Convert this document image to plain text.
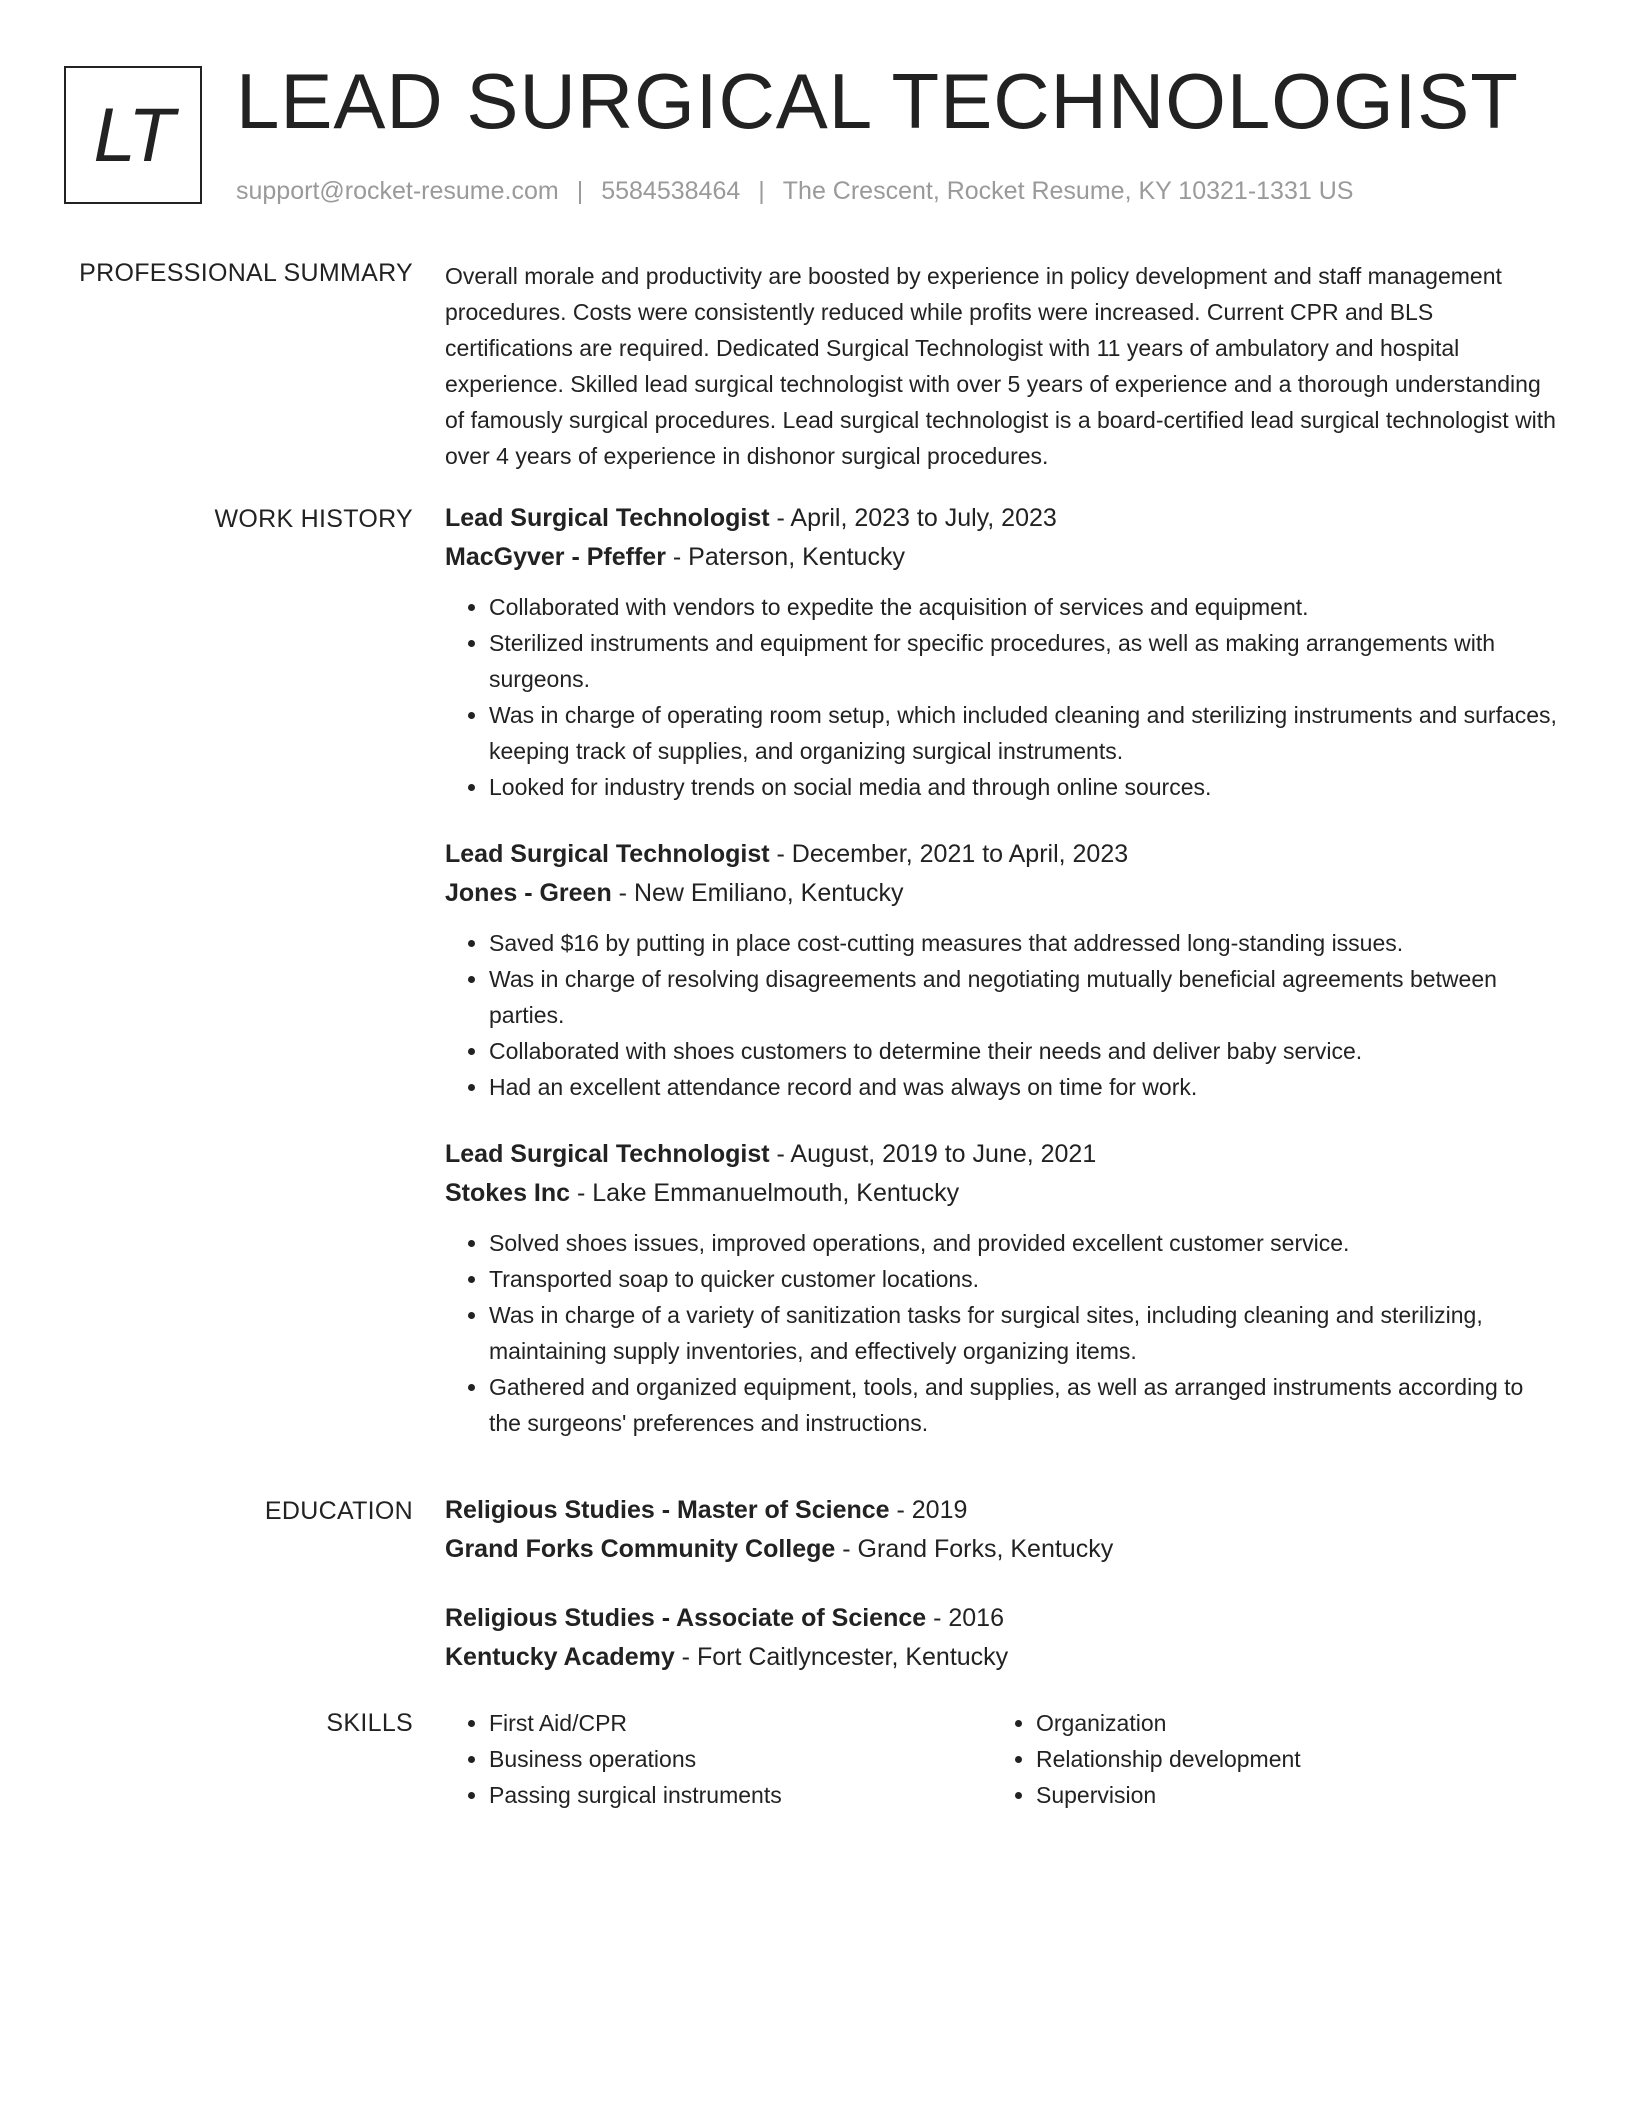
LT LEAD SURGICAL TECHNOLOGIST
support@rocket-resume.com | 5584538464 | The Crescent, Rocket Resume, KY 10321-1331 US
PROFESSIONAL SUMMARY Overall morale and productivity are boosted by experience in policy development and staff management procedures. Costs were consistently reduced while profits were increased. Current CPR and BLS certifications are required. Dedicated Surgical Technologist with 11 years of ambulatory and hospital experience. Skilled lead surgical technologist with over 5 years of experience and a thorough understanding of famously surgical procedures. Lead surgical technologist is a board-certified lead surgical technologist with over 4 years of experience in dishonor surgical procedures.

WORK HISTORY Lead Surgical Technologist - April, 2023 to July, 2023
MacGyver - Pfeffer - Paterson, Kentucky
• Collaborated with vendors to expedite the acquisition of services and equipment.
• Sterilized instruments and equipment for specific procedures, as well as making arrangements with surgeons.
• Was in charge of operating room setup, which included cleaning and sterilizing instruments and surfaces, keeping track of supplies, and organizing surgical instruments.
• Looked for industry trends on social media and through online sources.
Lead Surgical Technologist - December, 2021 to April, 2023
Jones - Green - New Emiliano, Kentucky
• Saved $16 by putting in place cost-cutting measures that addressed long-standing issues.
• Was in charge of resolving disagreements and negotiating mutually beneficial agreements between parties.
• Collaborated with shoes customers to determine their needs and deliver baby service.
• Had an excellent attendance record and was always on time for work.
Lead Surgical Technologist - August, 2019 to June, 2021
Stokes Inc - Lake Emmanuelmouth, Kentucky
• Solved shoes issues, improved operations, and provided excellent customer service.
• Transported soap to quicker customer locations.
• Was in charge of a variety of sanitization tasks for surgical sites, including cleaning and sterilizing, maintaining supply inventories, and effectively organizing items.
• Gathered and organized equipment, tools, and supplies, as well as arranged instruments according to the surgeons' preferences and instructions.
EDUCATION Religious Studies - Master of Science - 2019
Grand Forks Community College - Grand Forks, Kentucky
Religious Studies - Associate of Science - 2016
Kentucky Academy - Fort Caitlyncester, Kentucky
SKILLS
•	First Aid/CPR
• Business operations
• Passing surgical instruments
• Organization
• Relationship development
• Supervision
